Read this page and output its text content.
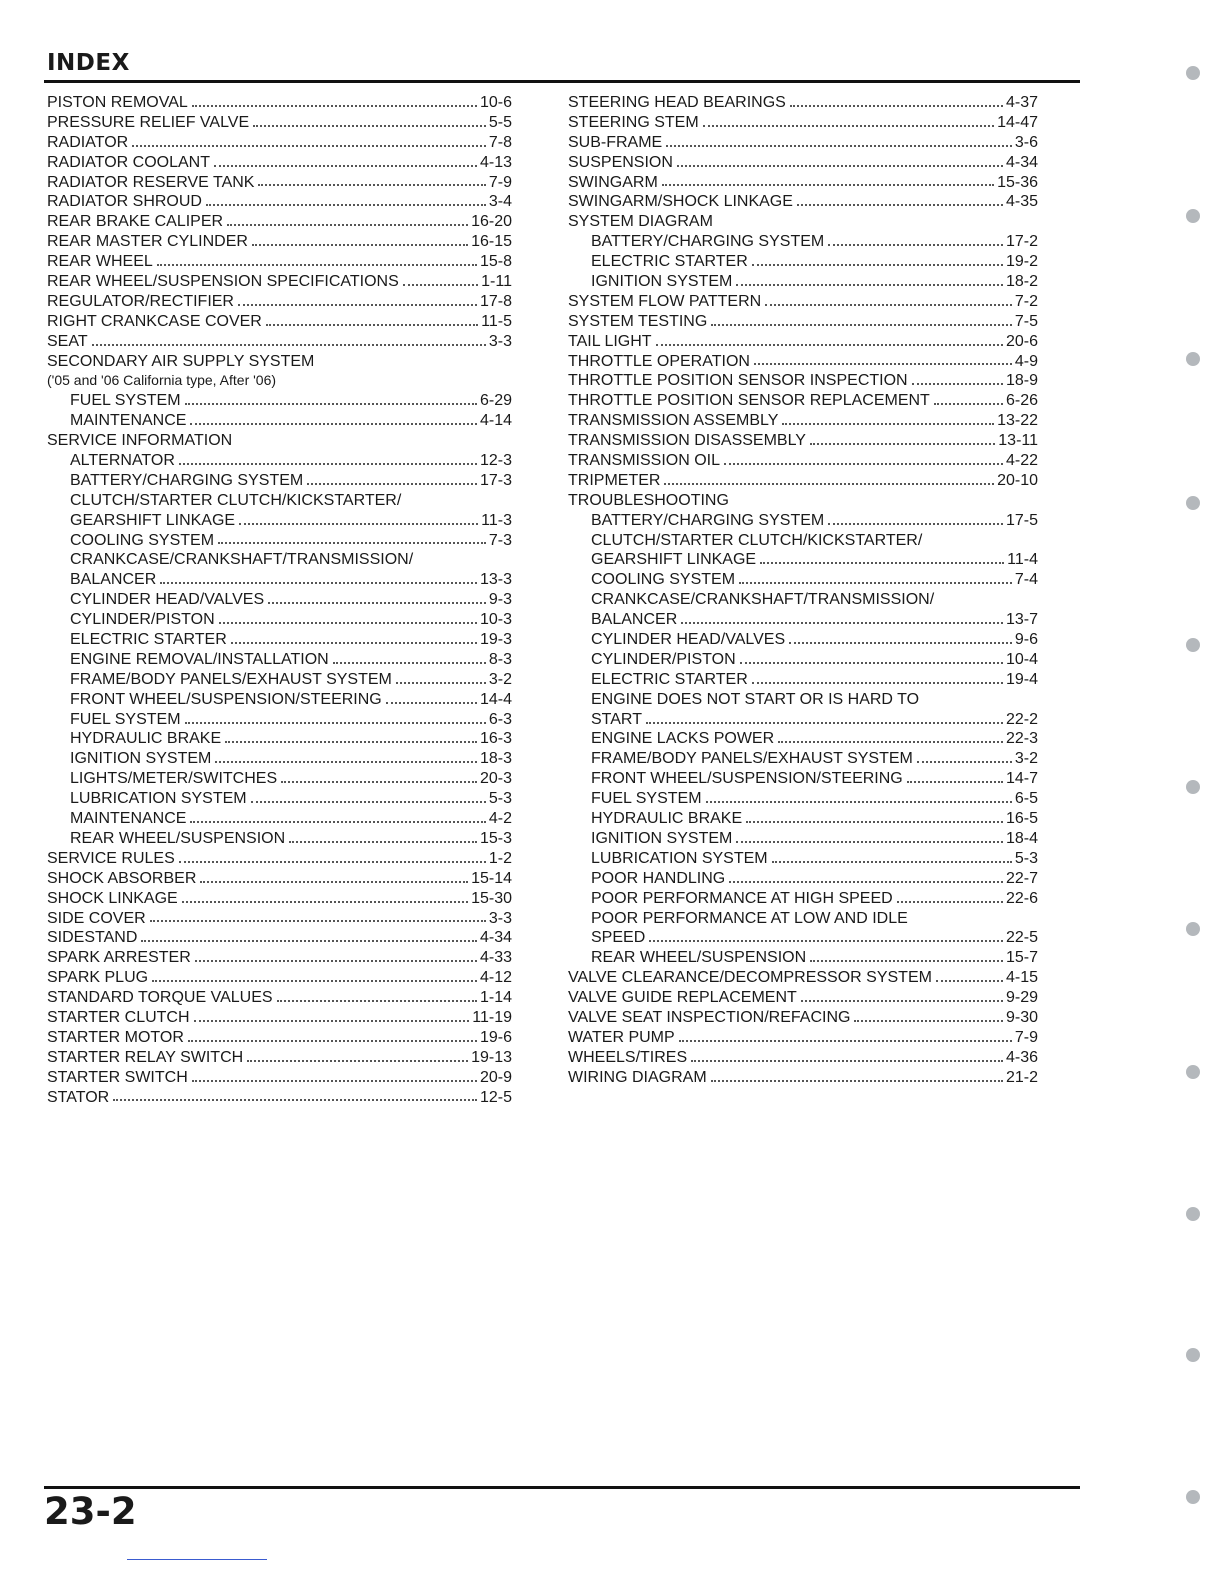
INDEX
PISTON REMOVAL	10-6
PRESSURE RELIEF VALVE	5-5
RADIATOR	7-8
RADIATOR COOLANT	4-13
RADIATOR RESERVE TANK	7-9
RADIATOR SHROUD	3-4
REAR BRAKE CALIPER	16-20
REAR MASTER CYLINDER	16-15
REAR WHEEL	15-8
REAR WHEEL/SUSPENSION SPECIFICATIONS	1-11
REGULATOR/RECTIFIER	17-8
RIGHT CRANKCASE COVER	11-5
SEAT	3-3
SECONDARY AIR SUPPLY SYSTEM
('05 and '06 California type, After '06)
FUEL SYSTEM	6-29
MAINTENANCE	4-14
SERVICE INFORMATION
ALTERNATOR	12-3
BATTERY/CHARGING SYSTEM	17-3
CLUTCH/STARTER CLUTCH/KICKSTARTER/
GEARSHIFT LINKAGE	11-3
COOLING SYSTEM	7-3
CRANKCASE/CRANKSHAFT/TRANSMISSION/
BALANCER	13-3
CYLINDER HEAD/VALVES	9-3
CYLINDER/PISTON	10-3
ELECTRIC STARTER	19-3
ENGINE REMOVAL/INSTALLATION	8-3
FRAME/BODY PANELS/EXHAUST SYSTEM	3-2
FRONT WHEEL/SUSPENSION/STEERING	14-4
FUEL SYSTEM	6-3
HYDRAULIC BRAKE	16-3
IGNITION SYSTEM	18-3
LIGHTS/METER/SWITCHES	20-3
LUBRICATION SYSTEM	5-3
MAINTENANCE	4-2
REAR WHEEL/SUSPENSION	15-3
SERVICE RULES	1-2
SHOCK ABSORBER	15-14
SHOCK LINKAGE	15-30
SIDE COVER	3-3
SIDESTAND	4-34
SPARK ARRESTER	4-33
SPARK PLUG	4-12
STANDARD TORQUE VALUES	1-14
STARTER CLUTCH	11-19
STARTER MOTOR	19-6
STARTER RELAY SWITCH	19-13
STARTER SWITCH	20-9
STATOR	12-5
STEERING HEAD BEARINGS	4-37
STEERING STEM	14-47
SUB-FRAME	3-6
SUSPENSION	4-34
SWINGARM	15-36
SWINGARM/SHOCK LINKAGE	4-35
SYSTEM DIAGRAM
BATTERY/CHARGING SYSTEM	17-2
ELECTRIC STARTER	19-2
IGNITION SYSTEM	18-2
SYSTEM FLOW PATTERN	7-2
SYSTEM TESTING	7-5
TAIL LIGHT	20-6
THROTTLE OPERATION	4-9
THROTTLE POSITION SENSOR INSPECTION	18-9
THROTTLE POSITION SENSOR REPLACEMENT	6-26
TRANSMISSION ASSEMBLY	13-22
TRANSMISSION DISASSEMBLY	13-11
TRANSMISSION OIL	4-22
TRIPMETER	20-10
TROUBLESHOOTING
BATTERY/CHARGING SYSTEM	17-5
CLUTCH/STARTER CLUTCH/KICKSTARTER/
GEARSHIFT LINKAGE	11-4
COOLING SYSTEM	7-4
CRANKCASE/CRANKSHAFT/TRANSMISSION/
BALANCER	13-7
CYLINDER HEAD/VALVES	9-6
CYLINDER/PISTON	10-4
ELECTRIC STARTER	19-4
ENGINE DOES NOT START OR IS HARD TO
START	22-2
ENGINE LACKS POWER	22-3
FRAME/BODY PANELS/EXHAUST SYSTEM	3-2
FRONT WHEEL/SUSPENSION/STEERING	14-7
FUEL SYSTEM	6-5
HYDRAULIC BRAKE	16-5
IGNITION SYSTEM	18-4
LUBRICATION SYSTEM	5-3
POOR HANDLING	22-7
POOR PERFORMANCE AT HIGH SPEED	22-6
POOR PERFORMANCE AT LOW AND IDLE
SPEED	22-5
REAR WHEEL/SUSPENSION	15-7
VALVE CLEARANCE/DECOMPRESSOR SYSTEM	4-15
VALVE GUIDE REPLACEMENT	9-29
VALVE SEAT INSPECTION/REFACING	9-30
WATER PUMP	7-9
WHEELS/TIRES	4-36
WIRING DIAGRAM	21-2
23-2
